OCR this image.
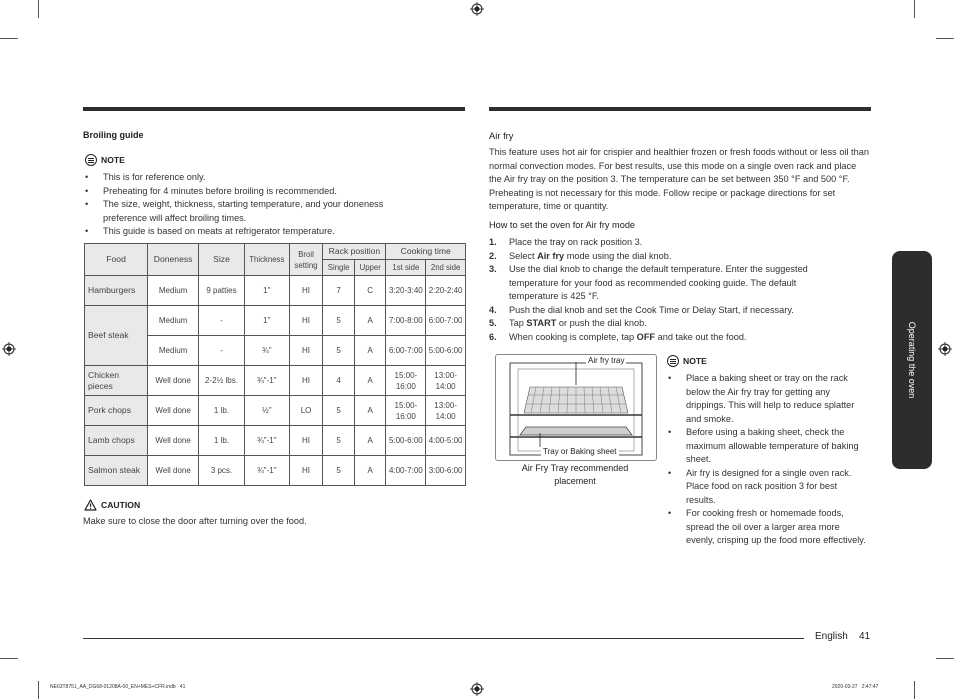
Broiling guide
NOTE
• This is for reference only.
• Preheating for 4 minutes before broiling is recommended.
• The size, weight, thickness, starting temperature, and your doneness preference will affect broiling times.
• This guide is based on meats at refrigerator temperature.
Food	Doneness	Size	Thickness	Broil setting	Rack position		Cooking time	
					Single	Upper	1st side	2nd side
Hamburgers	Medium	9 patties	1"	HI	7	C	3:20-3:40	2:20-2:40
Beef steak	Medium	-	1"	HI	5	A	7:00-8:00	6:00-7:00
	Medium	-	¾"	HI	5	A	6:00-7:00	5:00-6:00
Chicken pieces	Well done	2-2½ lbs.	¾"-1"	HI	4	A	15:00-16:00	13:00-14:00
Pork chops	Well done	1 lb.	½"	LO	5	A	15:00-16:00	13:00-14:00
Lamb chops	Well done	1 lb.	¾"-1"	HI	5	A	5:00-6:00	4:00-5:00
Salmon steak	Well done	3 pcs.	¾"-1"	HI	5	A	4:00-7:00	3:00-6:00
CAUTION
Make sure to close the door after turning over the food.
Air fry
This feature uses hot air for crispier and healthier frozen or fresh foods without or less oil than normal convection modes. For best results, use this mode on a single oven rack and place the Air fry tray on the position 3. The temperature can be set between 350 °F and 500 °F. Preheating is not necessary for this mode. Follow recipe or package directions for set temperature, time or quantity.
How to set the oven for Air fry mode
1. Place the tray on rack position 3.
2. Select Air fry mode using the dial knob.
3. Use the dial knob to change the default temperature. Enter the suggested temperature for your food as recommended cooking guide. The default temperature is 425 °F.
4. Push the dial knob and set the Cook Time or Delay Start, if necessary.
5. Tap START or push the dial knob.
6. When cooking is complete, tap OFF and take out the food.
Air fry tray
Tray or Baking sheet
Air Fry Tray recommended placement
NOTE
• Place a baking sheet or tray on the rack below the Air fry tray for getting any drippings. This will help to reduce splatter and smoke.
• Before using a baking sheet, check the maximum allowable temperature of baking sheet.
• Air fry is designed for a single oven rack. Place food on rack position 3 for best results.
• For cooking fresh or homemade foods, spread the oil over a larger area more evenly, crisping up the food more effectively.
Operating the oven
English 41
NE63T8751_AA_DG68-01208A-00_EN+MES+CFR.indb   41	2020-03-27   2:47:47
